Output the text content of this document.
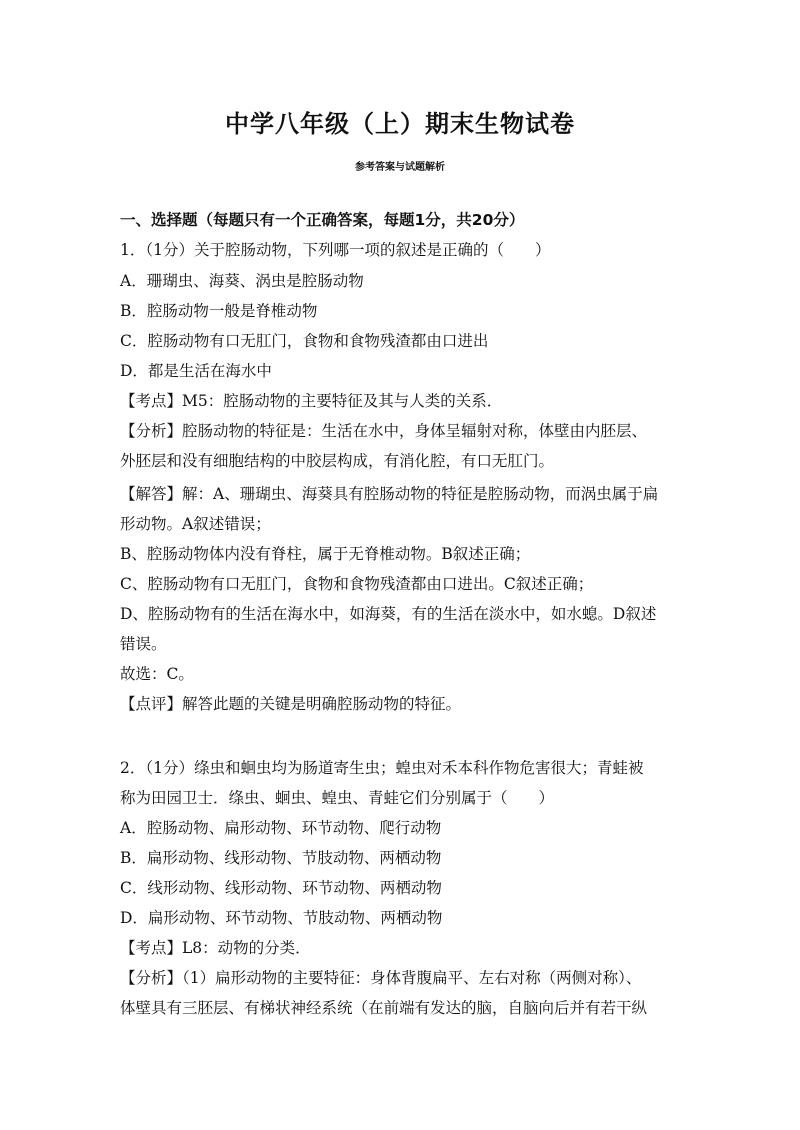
中学八年级（上）期末生物试卷
参考答案与试题解析
一、选择题（每题只有一个正确答案，每题1分，共20分）
1．（1分）关于腔肠动物，下列哪一项的叙述是正确的（　　）
A．珊瑚虫、海葵、涡虫是腔肠动物
B．腔肠动物一般是脊椎动物
C．腔肠动物有口无肛门，食物和食物残渣都由口进出
D．都是生活在海水中
【考点】M5：腔肠动物的主要特征及其与人类的关系．
【分析】腔肠动物的特征是：生活在水中，身体呈辐射对称，体壁由内胚层、
外胚层和没有细胞结构的中胶层构成，有消化腔，有口无肛门。
【解答】解：A、珊瑚虫、海葵具有腔肠动物的特征是腔肠动物，而涡虫属于扁
形动物。A叙述错误；
B、腔肠动物体内没有脊柱，属于无脊椎动物。B叙述正确；
C、腔肠动物有口无肛门，食物和食物残渣都由口进出。C叙述正确；
D、腔肠动物有的生活在海水中，如海葵，有的生活在淡水中，如水螅。D叙述
错误。
故选：C。
【点评】解答此题的关键是明确腔肠动物的特征。
2．（1分）绦虫和蛔虫均为肠道寄生虫；蝗虫对禾本科作物危害很大；青蛙被
称为田园卫士．绦虫、蛔虫、蝗虫、青蛙它们分别属于（　　）
A．腔肠动物、扁形动物、环节动物、爬行动物
B．扁形动物、线形动物、节肢动物、两栖动物
C．线形动物、线形动物、环节动物、两栖动物
D．扁形动物、环节动物、节肢动物、两栖动物
【考点】L8：动物的分类．
【分析】（1）扁形动物的主要特征：身体背腹扁平、左右对称（两侧对称）、
体壁具有三胚层、有梯状神经系统（在前端有发达的脑，自脑向后并有若干纵
